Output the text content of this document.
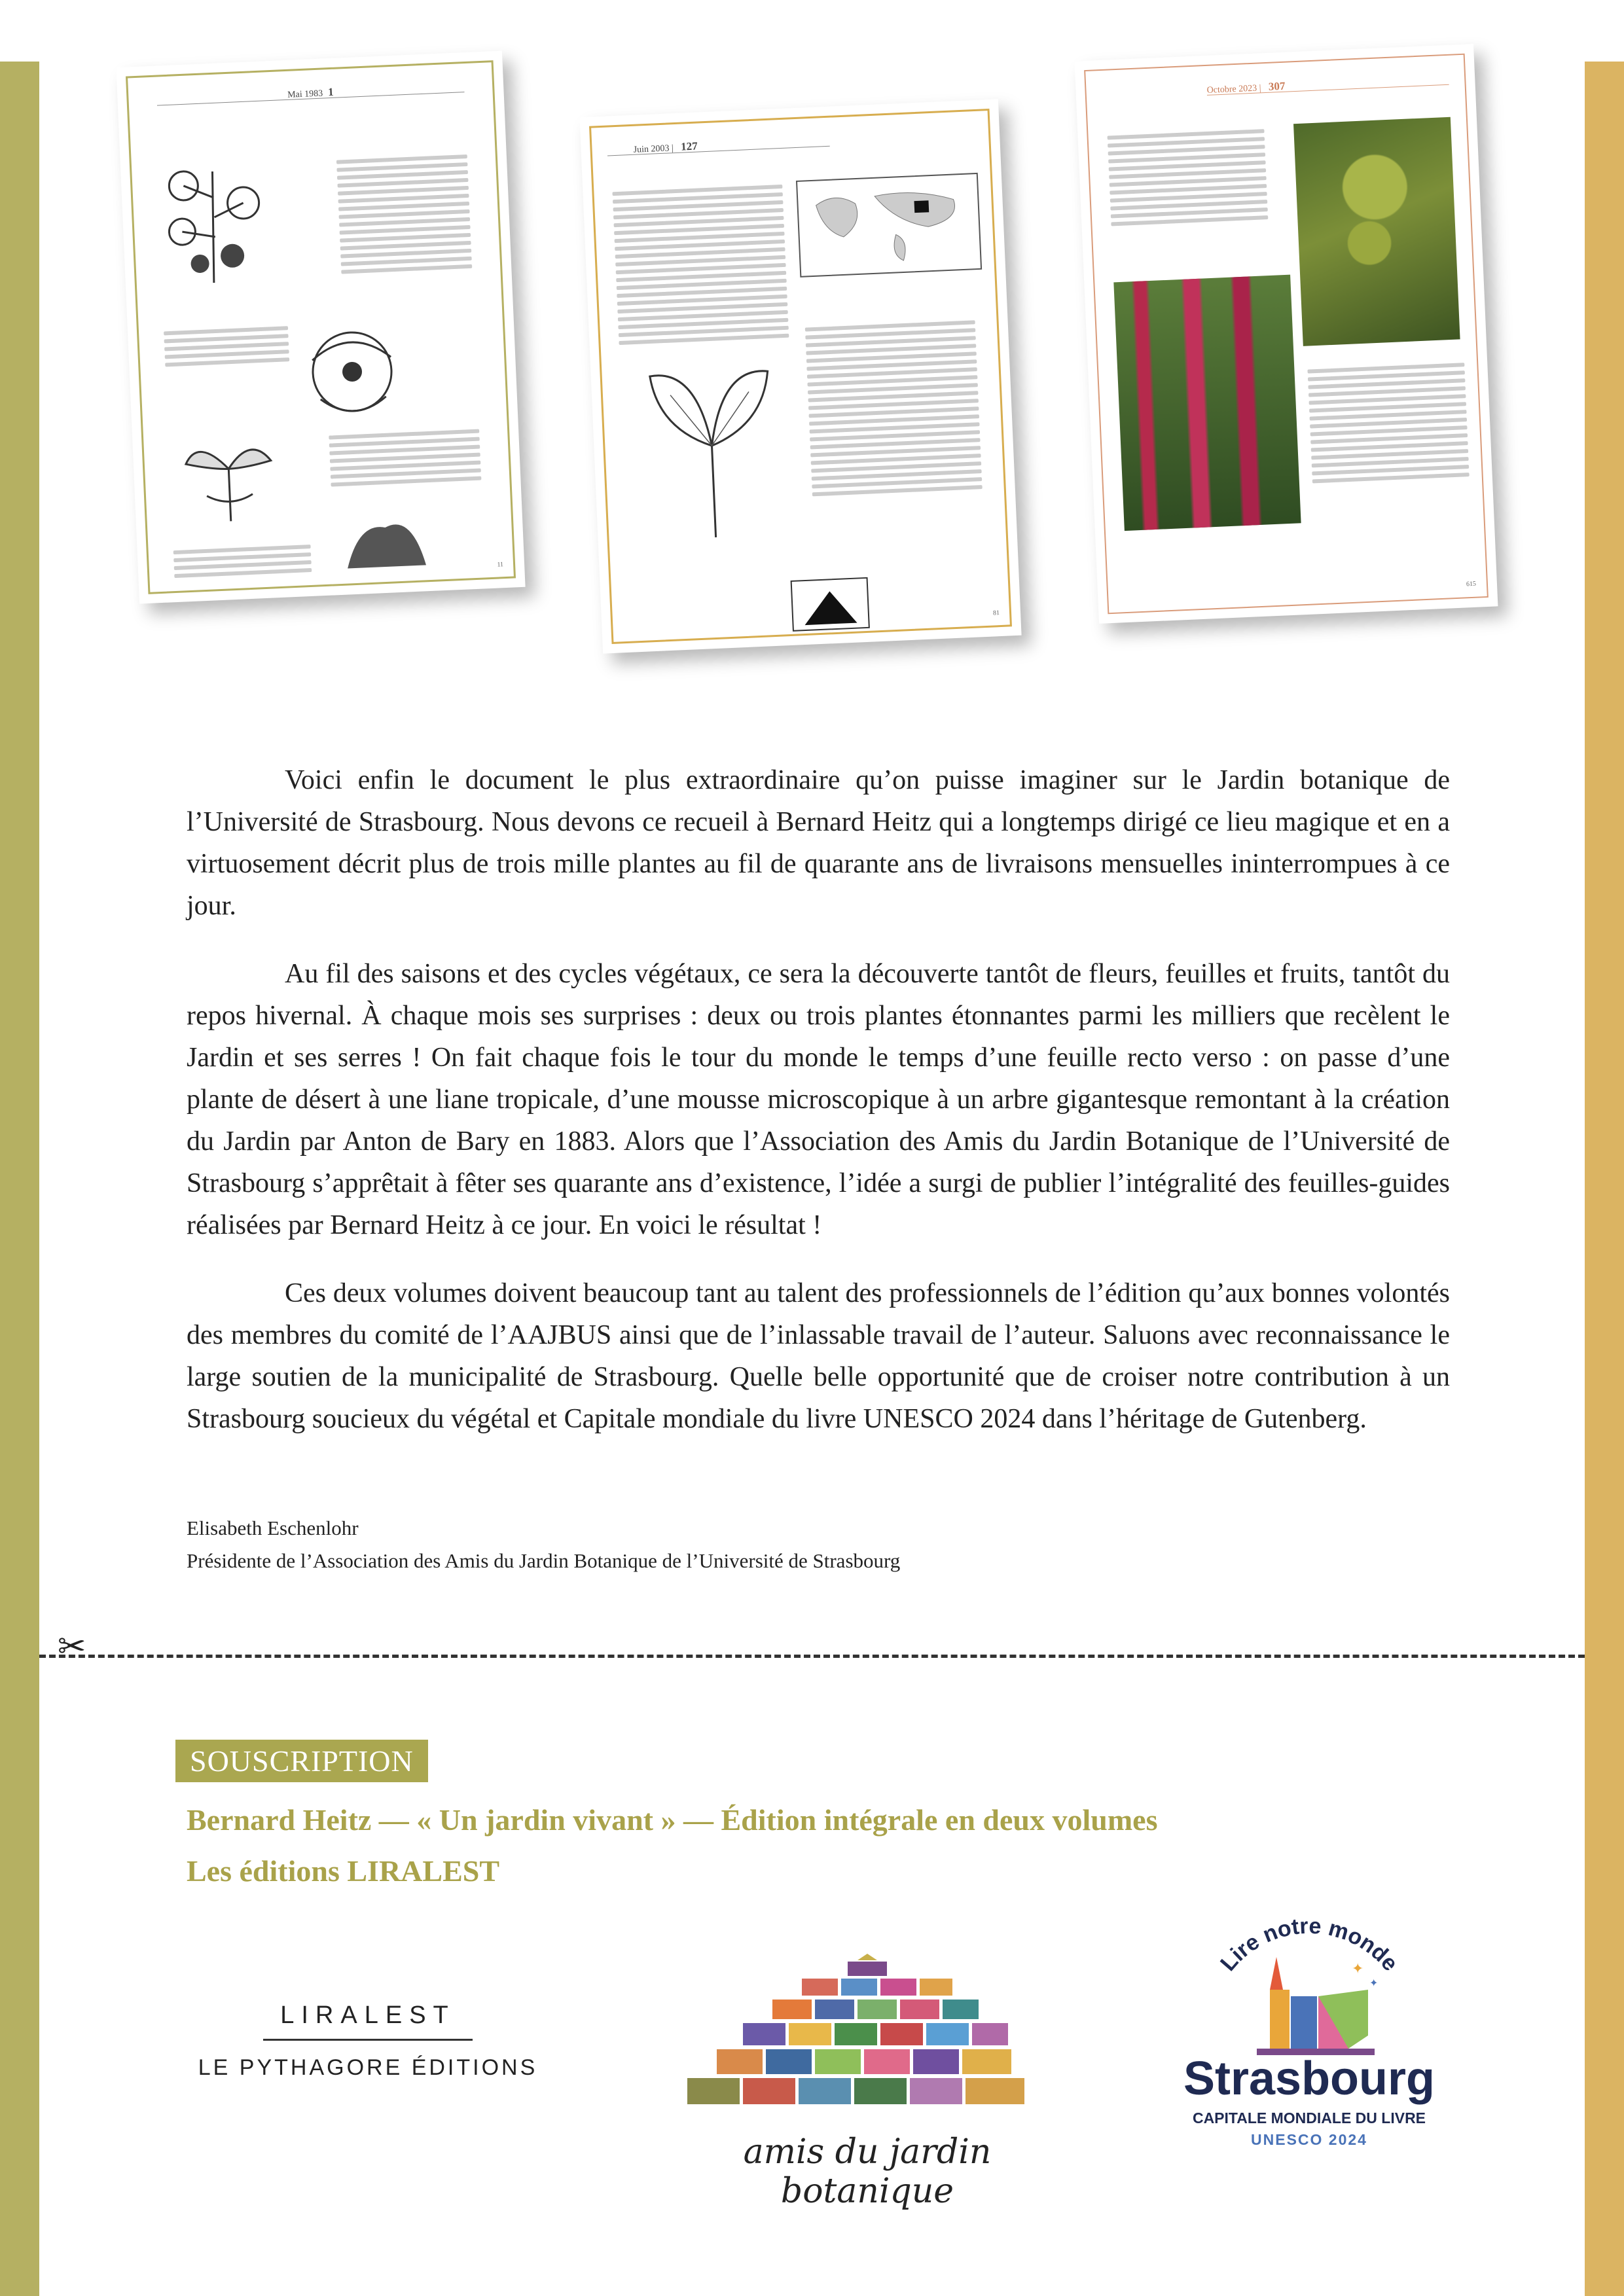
Mai 1983 1
11
Juin 2003 | 127
81
Octobre 2023 | 307
615

Voici enfin le document le plus extraordinaire qu’on puisse imaginer sur le Jardin botanique de l’Université de Strasbourg. Nous devons ce recueil à Bernard Heitz qui a longtemps dirigé ce lieu magique et en a virtuosement décrit plus de trois mille plantes au fil de quarante ans de livraisons mensuelles ininterrompues à ce jour.

Au fil des saisons et des cycles végétaux, ce sera la découverte tantôt de fleurs, feuilles et fruits, tantôt du repos hivernal. À chaque mois ses surprises : deux ou trois plantes étonnantes parmi les milliers que recèlent le Jardin et ses serres ! On fait chaque fois le tour du monde le temps d’une feuille recto verso : on passe d’une plante de désert à une liane tropicale, d’une mousse microscopique à un arbre gigantesque remontant à la création du Jardin par Anton de Bary en 1883. Alors que l’Association des Amis du Jardin Botanique de l’Université de Strasbourg s’apprêtait à fêter ses quarante ans d’existence, l’idée a surgi de publier l’intégralité des feuilles-guides réalisées par Bernard Heitz à ce jour. En voici le résultat !

Ces deux volumes doivent beaucoup tant au talent des professionnels de l’édition qu’aux bonnes volontés des membres du comité de l’AAJBUS ainsi que de l’inlassable travail de l’auteur. Saluons avec reconnaissance le large soutien de la municipalité de Strasbourg. Quelle belle opportunité que de croiser notre contribution à un Strasbourg soucieux du végétal et Capitale mondiale du livre UNESCO 2024 dans l’héritage de Gutenberg.

Elisabeth Eschenlohr
Présidente de l’Association des Amis du Jardin Botanique de l’Université de Strasbourg
✂
SOUSCRIPTION
Bernard Heitz — « Un jardin vivant » — Édition intégrale en deux volumes
Les éditions LIRALEST
LIRALEST
LE PYTHAGORE ÉDITIONS
amis du jardin botanique
Lire notre monde
✦
✦
Strasbourg
CAPITALE MONDIALE DU LIVRE
UNESCO 2024
